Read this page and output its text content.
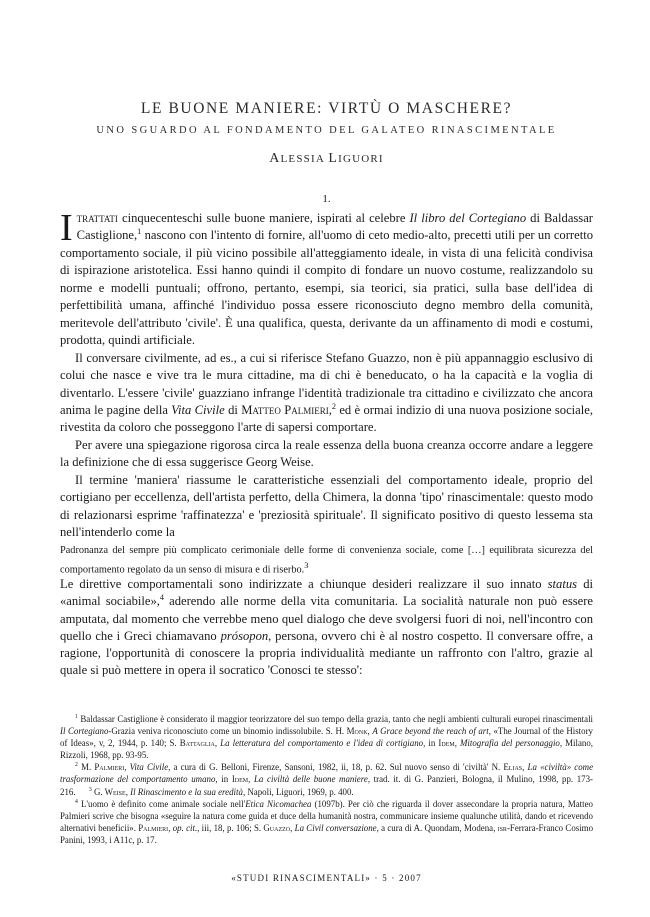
LE BUONE MANIERE: VIRTÙ O MASCHERE?
UNO SGUARDO AL FONDAMENTO DEL GALATEO RINASCIMENTALE
ALESSIA LIGUORI
1.

Itrattati cinquecenteschi sulle buone maniere, ispirati al celebre Il libro del Cortegiano di Baldassar Castiglione,$^1$ nascono con l'intento di fornire, all'uomo di ceto medio-alto, precetti utili per un corretto comportamento sociale, il più vicino possibile all'atteggiamento ideale, in vista di una felicità condivisa di ispirazione aristotelica. Essi hanno quindi il compito di fondare un nuovo costume, realizzandolo su norme e modelli puntuali; offrono, pertanto, esempi, sia teorici, sia pratici, sulla base dell'idea di perfettibilità umana, affinché l'individuo possa essere riconosciuto degno membro della comunità, meritevole dell'attributo 'civile'. È una qualifica, questa, derivante da un affinamento di modi e costumi, prodotta, quindi artificiale.

Il conversare civilmente, ad es., a cui si riferisce Stefano Guazzo, non è più appannaggio esclusivo di colui che nasce e vive tra le mura cittadine, ma di chi è beneducato, o ha la capacità e la voglia di diventarlo. L'essere 'civile' guazziano infrange l'identità tradizionale tra cittadino e civilizzato che ancora anima le pagine della Vita Civile di Matteo Palmieri,$^2$ ed è ormai indizio di una nuova posizione sociale, rivestita da coloro che posseggono l'arte di sapersi comportare.

Per avere una spiegazione rigorosa circa la reale essenza della buona creanza occorre andare a leggere la definizione che di essa suggerisce Georg Weise.

Il termine 'maniera' riassume le caratteristiche essenziali del comportamento ideale, proprio del cortigiano per eccellenza, dell'artista perfetto, della Chimera, la donna 'tipo' rinascimentale: questo modo di relazionarsi esprime 'raffinatezza' e 'preziosità spirituale'. Il significato positivo di questo lessema sta nell'intenderlo come la

Padronanza del sempre più complicato cerimoniale delle forme di convenienza sociale, come […] equilibrata sicurezza del comportamento regolato da un senso di misura e di riserbo.$^3$

Le direttive comportamentali sono indirizzate a chiunque desideri realizzare il suo innato status di «animal sociabile»,$^4$ aderendo alle norme della vita comunitaria. La socialità naturale non può essere amputata, dal momento che verrebbe meno quel dialogo che deve svolgersi fuori di noi, nell'incontro con quello che i Greci chiamavano prósopon, persona, ovvero chi è al nostro cospetto. Il conversare offre, a ragione, l'opportunità di conoscere la propria individualità mediante un raffronto con l'altro, grazie al quale si può mettere in opera il socratico 'Conosci te stesso':

$^1$ Baldassar Castiglione è considerato il maggior teorizzatore del suo tempo della grazia, tanto che negli ambienti culturali europei rinascimentali Il Cortegiano-Grazia veniva riconosciuto come un binomio indissolubile. S. H. Monk, A Grace beyond the reach of art, «The Journal of the History of Ideas», v, 2, 1944, p. 140; S. Battaglia, La letteratura del comportamento e l'idea di cortigiano, in Idem, Mitografia del personaggio, Milano, Rizzoli, 1968, pp. 93-95.

$^2$ M. Palmieri, Vita Civile, a cura di G. Belloni, Firenze, Sansoni, 1982, ii, 18, p. 62. Sul nuovo senso di 'civiltà' N. Elias, La «civiltà» come trasformazione del comportamento umano, in Idem, La civiltà delle buone maniere, trad. it. di G. Panzieri, Bologna, il Mulino, 1998, pp. 173-216. $^3$ G. Weise, Il Rinascimento e la sua eredità, Napoli, Liguori, 1969, p. 400.

$^4$ L'uomo è definito come animale sociale nell'Etica Nicomachea (1097b). Per ciò che riguarda il dover assecondare la propria natura, Matteo Palmieri scrive che bisogna «seguire la natura come guida et duce della humanità nostra, communicare insieme qualunche utilità, dando et ricevendo alternativi beneficii». Palmieri, op. cit., iii, 18, p. 106; S. Guazzo, La Civil conversazione, a cura di A. Quondam, Modena, isr-Ferrara-Franco Cosimo Panini, 1993, i A11c, p. 17.

«STUDI RINASCIMENTALI» · 5 · 2007
